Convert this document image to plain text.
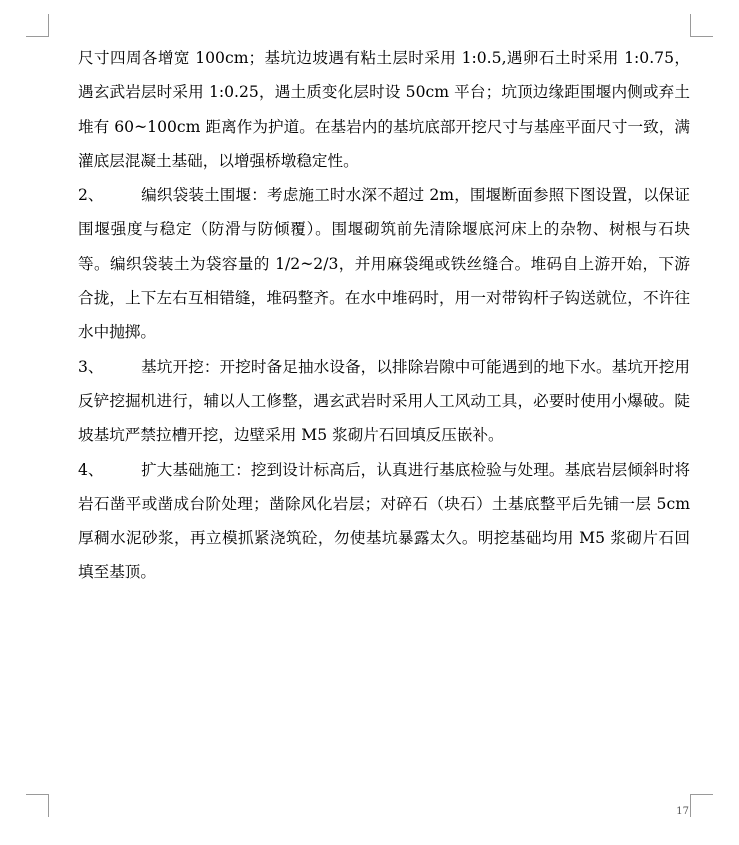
尺寸四周各增宽 100cm；基坑边坡遇有粘土层时采用 1:0.5,遇卵石土时采用 1:0.75，遇玄武岩层时采用 1:0.25，遇土质变化层时设 50cm 平台；坑顶边缘距围堰内侧或弃土堆有 60~100cm 距离作为护道。在基岩内的基坑底部开挖尺寸与基座平面尺寸一致，满灌底层混凝土基础，以增强桥墩稳定性。

2、 编织袋装土围堰：考虑施工时水深不超过 2m，围堰断面参照下图设置，以保证围堰强度与稳定（防滑与防倾覆）。围堰砌筑前先清除堰底河床上的杂物、树根与石块等。编织袋装土为袋容量的 1/2~2/3，并用麻袋绳或铁丝缝合。堆码自上游开始，下游合拢，上下左右互相错缝，堆码整齐。在水中堆码时，用一对带钩杆子钩送就位，不许往水中抛掷。

3、 基坑开挖：开挖时备足抽水设备，以排除岩隙中可能遇到的地下水。基坑开挖用反铲挖掘机进行，辅以人工修整，遇玄武岩时采用人工风动工具，必要时使用小爆破。陡坡基坑严禁拉槽开挖，边壁采用 M5 浆砌片石回填反压嵌补。

4、 扩大基础施工：挖到设计标高后，认真进行基底检验与处理。基底岩层倾斜时将岩石凿平或凿成台阶处理；凿除风化岩层；对碎石（块石）土基底整平后先铺一层 5cm 厚稠水泥砂浆，再立模抓紧浇筑砼，勿使基坑暴露太久。明挖基础均用 M5 浆砌片石回填至基顶。

17
